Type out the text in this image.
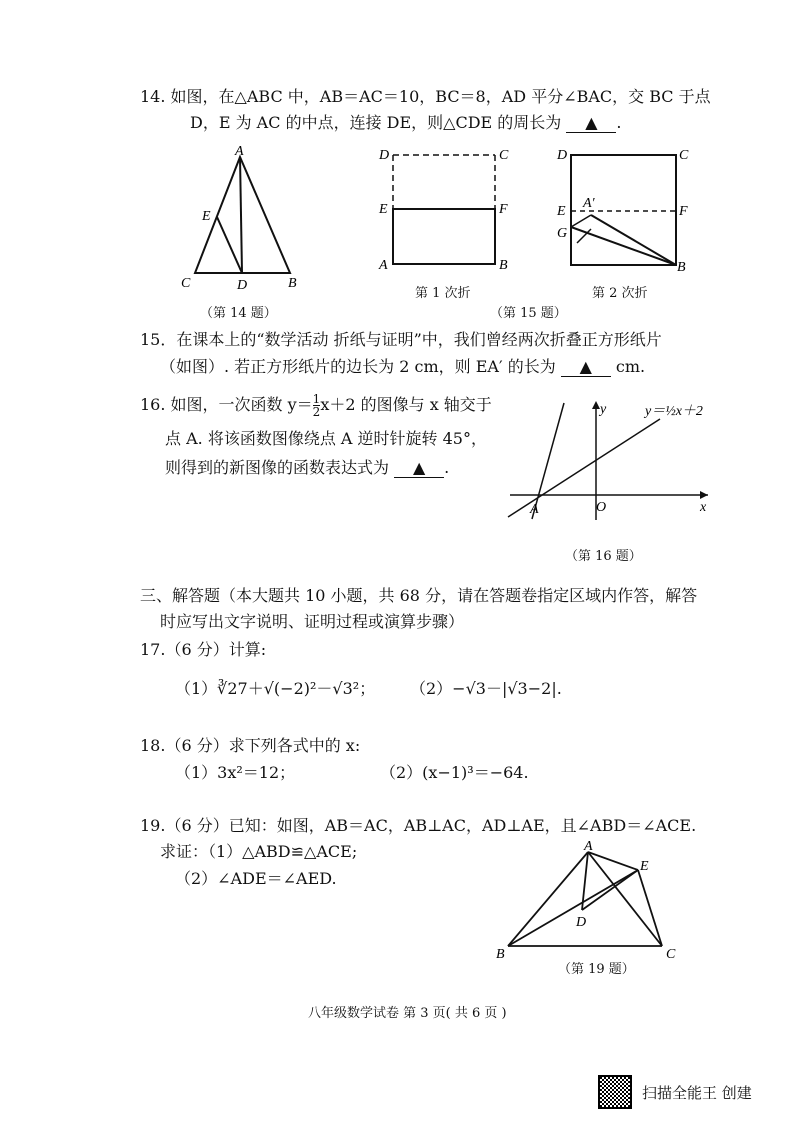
14. 如图，在△ABC 中，AB＝AC＝10，BC＝8，AD 平分∠BAC，交 BC 于点
D，E 为 AC 的中点，连接 DE，则△CDE 的周长为 ▲ .
A
E
C	D	B
（第 14 题）
D	C
E	F
A	B
第 1 次折
D	C
E
A′
F
G
B
（第 15 题）
第 2 次折
15．在课本上的“数学活动 折纸与证明”中，我们曾经两次折叠正方形纸片
（如图）. 若正方形纸片的边长为 2 cm，则 EA′ 的长为 ▲ cm.
16. 如图，一次函数 $y= \frac{1}{2} x+2$ 的图像与 x 轴交于
点 A. 将该函数图像绕点 A 逆时针旋转 45°，
则得到的新图像的函数表达式为 ▲ .
y
x
A	O
y＝½x＋2
（第 16 题）
三、解答题（本大题共 10 小题，共 68 分，请在答题卷指定区域内作答，解答
时应写出文字说明、证明过程或演算步骤）
17.（6 分）计算:
（1）∛27＋√(−2)²－√3²； （2）−√3－|√3−2|.
18.（6 分）求下列各式中的 x:
（1）3x²＝12；	（2）(x−1)³＝−64.
19.（6 分）已知：如图，AB＝AC，AB⊥AC，AD⊥AE，且∠ABD＝∠ACE.
求证：（1）△ABD≌△ACE;
（2）∠ADE＝∠AED.
A
E
D
B	C
（第 19 题）
八年级数学试卷 第 3 页( 共 6 页 )
扫描全能王 创建
